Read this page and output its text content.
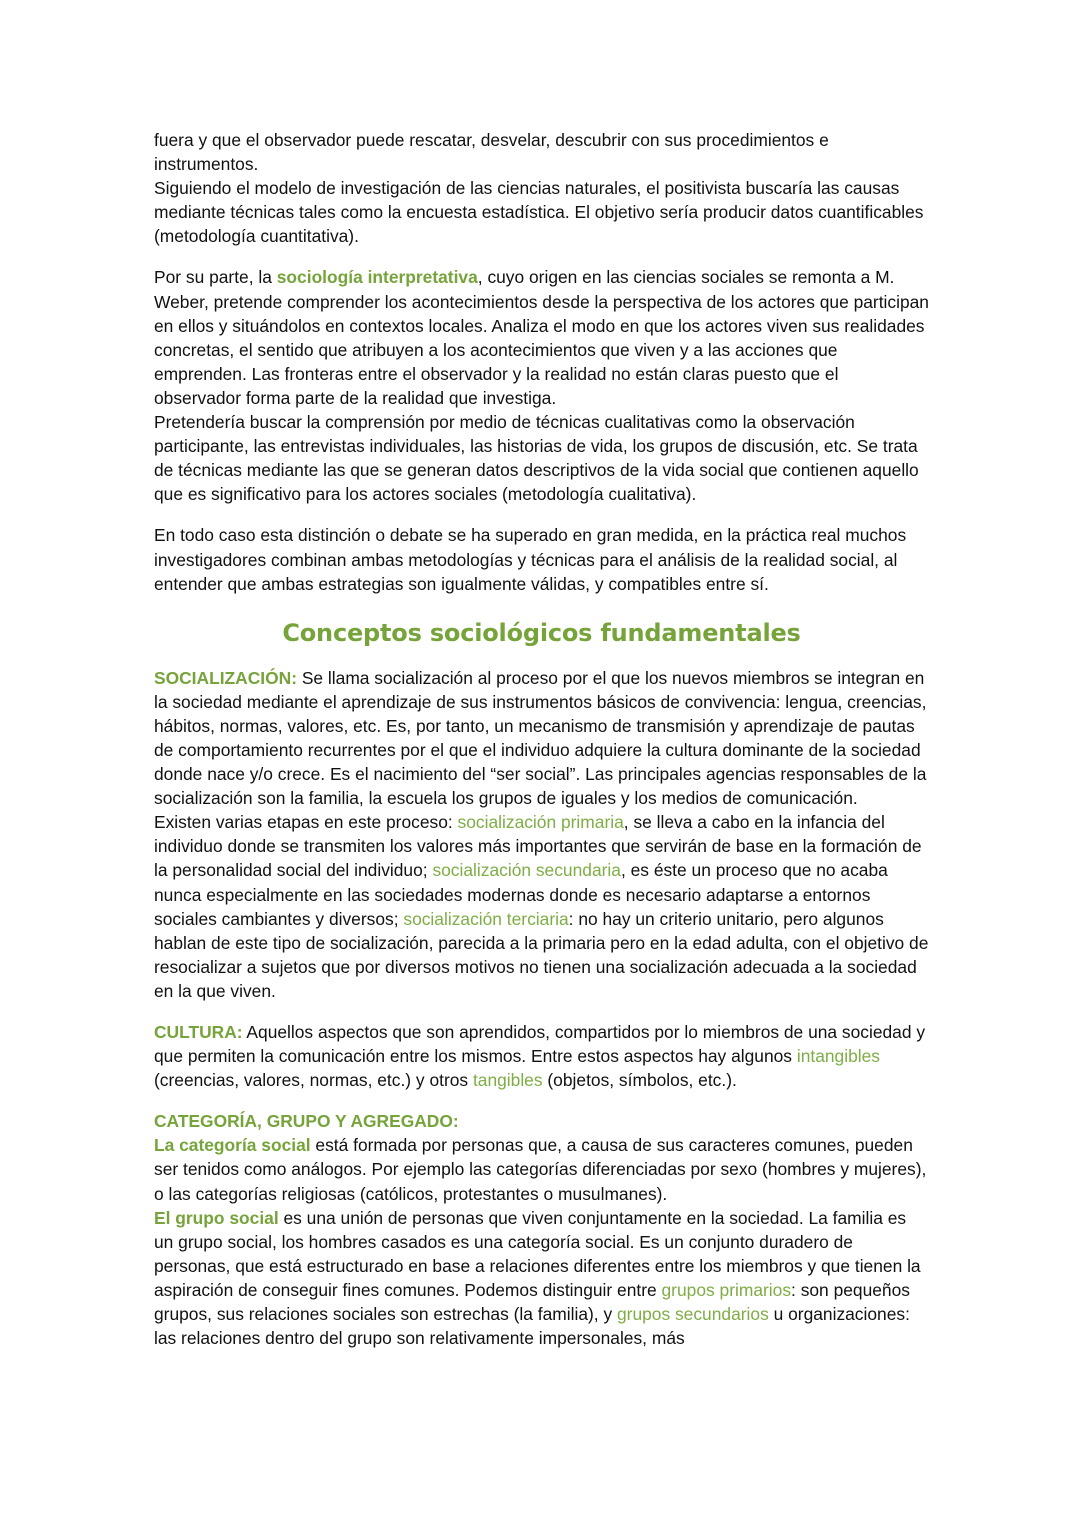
fuera y que el observador puede rescatar, desvelar, descubrir con sus procedimientos e instrumentos.
Siguiendo el modelo de investigación de las ciencias naturales, el positivista buscaría las causas mediante técnicas tales como la encuesta estadística. El objetivo sería producir datos cuantificables (metodología cuantitativa).

Por su parte, la sociología interpretativa, cuyo origen en las ciencias sociales se remonta a M. Weber, pretende comprender los acontecimientos desde la perspectiva de los actores que participan en ellos y situándolos en contextos locales. Analiza el modo en que los actores viven sus realidades concretas, el sentido que atribuyen a los acontecimientos que viven y a las acciones que emprenden. Las fronteras entre el observador y la realidad no están claras puesto que el observador forma parte de la realidad que investiga.
Pretendería buscar la comprensión por medio de técnicas cualitativas como la observación participante, las entrevistas individuales, las historias de vida, los grupos de discusión, etc. Se trata de técnicas mediante las que se generan datos descriptivos de la vida social que contienen aquello que es significativo para los actores sociales (metodología cualitativa).

En todo caso esta distinción o debate se ha superado en gran medida, en la práctica real muchos investigadores combinan ambas metodologías y técnicas para el análisis de la realidad social, al entender que ambas estrategias son igualmente válidas, y compatibles entre sí.

Conceptos sociológicos fundamentales

SOCIALIZACIÓN: Se llama socialización al proceso por el que los nuevos miembros se integran en la sociedad mediante el aprendizaje de sus instrumentos básicos de convivencia: lengua, creencias, hábitos, normas, valores, etc. Es, por tanto, un mecanismo de transmisión y aprendizaje de pautas de comportamiento recurrentes por el que el individuo adquiere la cultura dominante de la sociedad donde nace y/o crece. Es el nacimiento del “ser social”. Las principales agencias responsables de la socialización son la familia, la escuela los grupos de iguales y los medios de comunicación.
Existen varias etapas en este proceso: socialización primaria, se lleva a cabo en la infancia del individuo donde se transmiten los valores más importantes que servirán de base en la formación de la personalidad social del individuo; socialización secundaria, es éste un proceso que no acaba nunca especialmente en las sociedades modernas donde es necesario adaptarse a entornos sociales cambiantes y diversos; socialización terciaria: no hay un criterio unitario, pero algunos hablan de este tipo de socialización, parecida a la primaria pero en la edad adulta, con el objetivo de resocializar a sujetos que por diversos motivos no tienen una socialización adecuada a la sociedad en la que viven.

CULTURA: Aquellos aspectos que son aprendidos, compartidos por lo miembros de una sociedad y que permiten la comunicación entre los mismos. Entre estos aspectos hay algunos intangibles (creencias, valores, normas, etc.) y otros tangibles (objetos, símbolos, etc.).

CATEGORÍA, GRUPO Y AGREGADO:
La categoría social está formada por personas que, a causa de sus caracteres comunes, pueden ser tenidos como análogos. Por ejemplo las categorías diferenciadas por sexo (hombres y mujeres), o las categorías religiosas (católicos, protestantes o musulmanes).
El grupo social es una unión de personas que viven conjuntamente en la sociedad. La familia es un grupo social, los hombres casados es una categoría social. Es un conjunto duradero de personas, que está estructurado en base a relaciones diferentes entre los miembros y que tienen la aspiración de conseguir fines comunes. Podemos distinguir entre grupos primarios: son pequeños grupos, sus relaciones sociales son estrechas (la familia), y grupos secundarios u organizaciones: las relaciones dentro del grupo son relativamente impersonales, más
